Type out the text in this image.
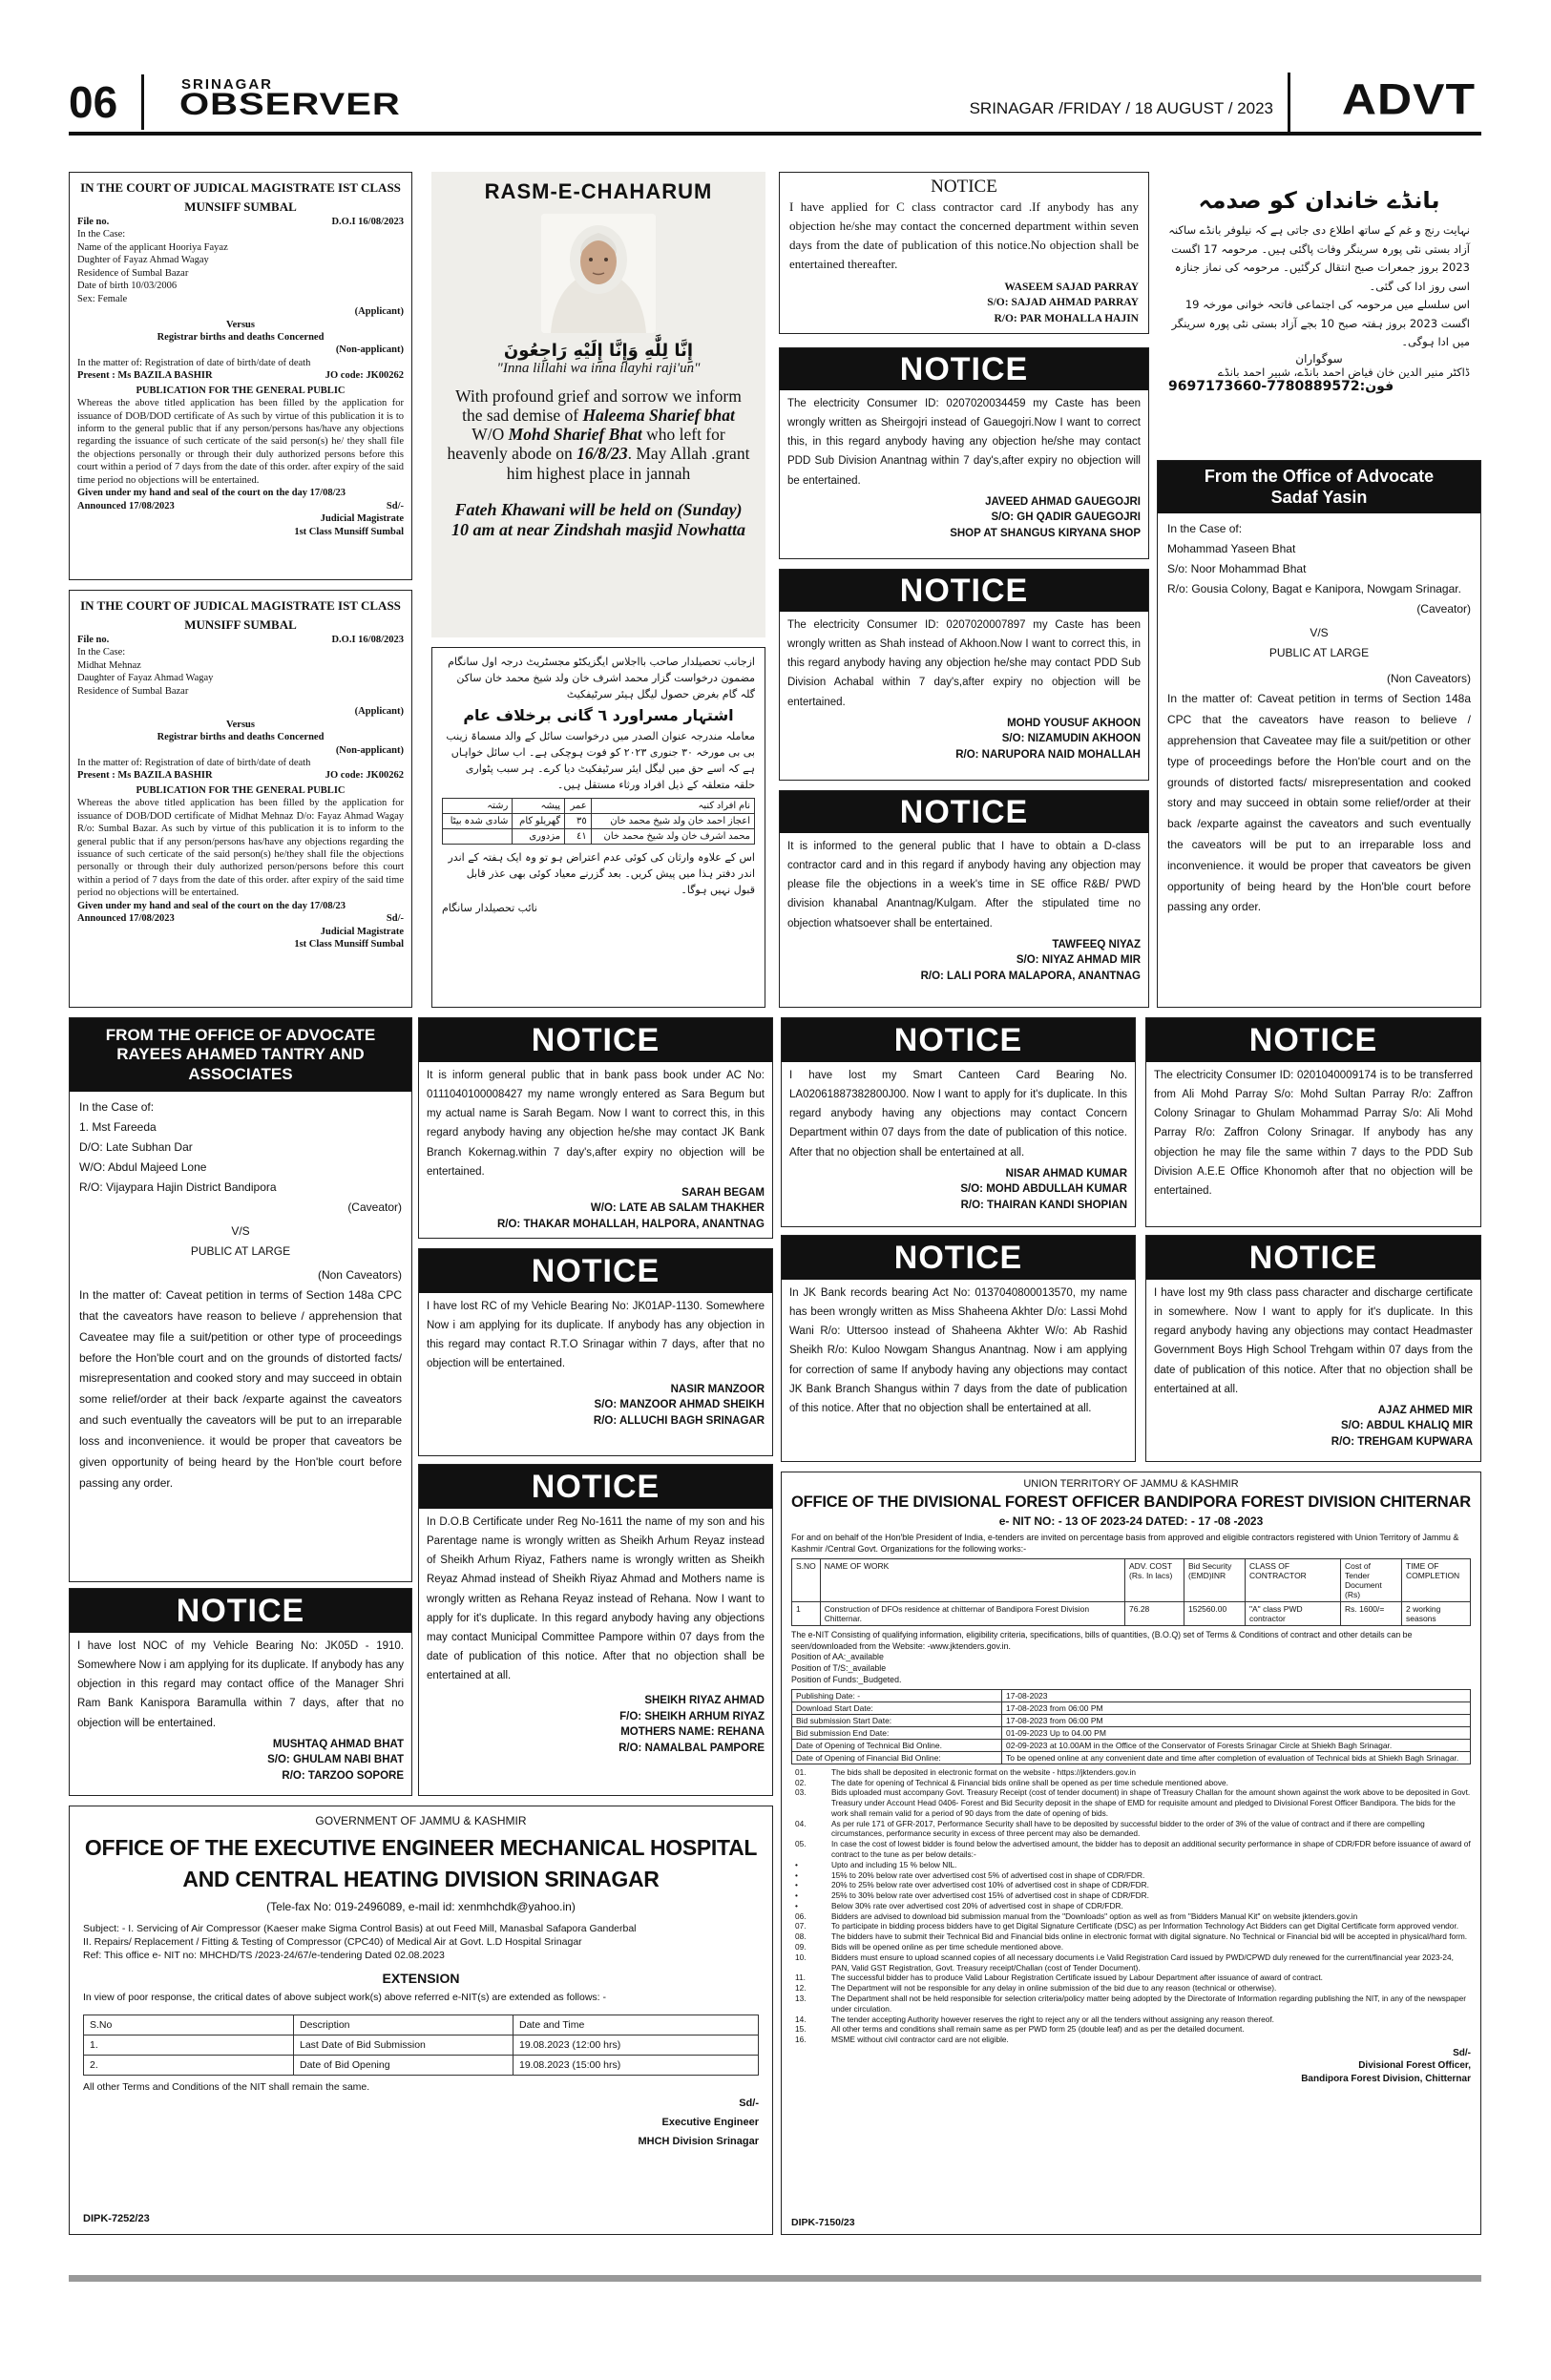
06	SRINAGAR
OBSERVER	SRINAGAR /FRIDAY / 18 AUGUST / 2023 ADVT
IN THE COURT OF JUDICAL MAGISTRATE IST CLASS MUNSIFF SUMBAL
File no.	D.O.I 16/08/2023
In the Case:
Name of the applicant Hooriya Fayaz
Dughter of Fayaz Ahmad Wagay
Residence of Sumbal Bazar
Date of birth 10/03/2006
Sex: Female
(Applicant)
Versus
Registrar births and deaths Concerned
(Non-applicant)
In the matter of: Registration of date of birth/date of death
Present : Ms BAZILA BASHIR	JO code: JK00262
PUBLICATION FOR THE GENERAL PUBLIC
Whereas the above titled application has been filled by the application for issuance of DOB/DOD certificate of As such by virtue of this publication it is to inform to the general public that if any person/persons has/have any objections regarding the issuance of such certicate of the said person(s) he/ they shall file the objections personally or through their duly authorized persons before this court within a period of 7 days from the date of this order. after expiry of the said time period no objections will be entertained.
Given under my hand and seal of the court on the day 17/08/23
Announced 17/08/2023	Sd/-
Judicial Magistrate
1st Class Munsiff Sumbal
IN THE COURT OF JUDICAL MAGISTRATE IST CLASS MUNSIFF SUMBAL
File no.	D.O.I 16/08/2023
In the Case:
Midhat Mehnaz
Daughter of Fayaz Ahmad Wagay
Residence of Sumbal Bazar
(Applicant)
Versus
Registrar births and deaths Concerned
(Non-applicant)
In the matter of: Registration of date of birth/date of death
Present : Ms BAZILA BASHIR	JO code: JK00262
PUBLICATION FOR THE GENERAL PUBLIC
Whereas the above titled application has been filled by the application for issuance of DOB/DOD certificate of Midhat Mehnaz D/o: Fayaz Ahmad Wagay R/o: Sumbal Bazar. As such by virtue of this publication it is to inform to the general public that if any person/persons has/have any objections regarding the issuance of such certicate of the said person(s) he/they shall file the objections personally or through their duly authorized person/persons before this court within a period of 7 days from the date of this order. after expiry of the said time period no objections will be entertained.
Given under my hand and seal of the court on the day 17/08/23
Announced 17/08/2023	Sd/-
Judicial Magistrate
1st Class Munsiff Sumbal
RASM-E-CHAHARUM
إِنَّا لِلَّٰهِ وَإِنَّا إِلَيْهِ رَاجِعُونَ
"Inna lillahi wa inna ilayhi raji'un"
With profound grief and sorrow we inform the sad demise of Haleema Sharief bhat W/O Mohd Sharief Bhat who left for heavenly abode on 16/8/23. May Allah .grant him highest place in jannah
Fateh Khawani will be held on (Sunday) 10 am at near Zindshah masjid Nowhatta
ازجانب تحصیلدار صاحب بااجلاس ایگزیکٹو مجسٹریٹ درجہ اول سانگام
مضمون درخواست گزار محمد اشرف خان ولد شیخ محمد خان ساکن گلہ گام بغرض حصول لیگل ہیئر سرٹیفکیٹ
اشتہار مسراورد ٦ گانی برخلاف عام
معاملہ مندرجہ عنوان الصدر میں درخواست سائل کے والد مسماۃ زینب بی بی مورخہ ٣٠ جنوری ٢٠٢٣ کو فوت ہوچکی ہے۔ اب سائل خواہاں ہے کہ اسے حق میں لیگل ایئر سرٹیفکیٹ دیا کرے۔ ہر سبب پٹواری حلقہ متعلقہ کے ذیل افراد ورثاء مستقل ہیں۔
نام افراد کنبہ	عمر	پیشہ	رشتہ
اعجاز احمد خان ولد شیخ محمد خان	٣٥	گھریلو کام	شادی شدہ بیٹا
محمد اشرف خان ولد شیخ محمد خان	٤١	مزدوری	
اس کے علاوہ وارثان کی کوئی عدم اعتراض ہو تو وہ ایک ہفتہ کے اندر اندر دفتر ہذا میں پیش کریں۔ بعد گزرنے معیاد کوئی بھی عذر قابل قبول نہیں ہوگا۔
نائب تحصیلدار سانگام
NOTICE
I have applied for C class contractor card .If anybody has any objection he/she may contact the concerned department within seven days from the date of publication of this notice.No objection shall be entertained thereafter.
WASEEM SAJAD PARRAY
S/O: SAJAD AHMAD PARRAY
R/O: PAR MOHALLA HAJIN
بانڈے خاندان کو صدمہ
نہایت رنج و غم کے ساتھ اطلاع دی جاتی ہے کہ نیلوفر بانڈے ساکنہ آزاد بستی نٹی پورہ سرینگر وفات پاگئی ہیں۔ مرحومہ 17 اگست 2023 بروز جمعرات صبح انتقال کرگئیں۔ مرحومہ کی نماز جنازہ اسی روز ادا کی گئی۔
اس سلسلے میں مرحومہ کی اجتماعی فاتحہ خوانی مورخہ 19 اگست 2023 بروز ہفتہ صبح 10 بجے آزاد بستی نٹی پورہ سرینگر میں ادا ہوگی۔
سوگواران
ڈاکٹر منیر الدین خان فیاض احمد بانڈے، شبیر احمد بانڈے
9697173660-7780889572:فون
NOTICE
The electricity Consumer ID: 0207020034459 my Caste has been wrongly written as Sheirgojri instead of Gauegojri.Now I want to correct this, in this regard anybody having any objection he/she may contact PDD Sub Division Anantnag within 7 day's,after expiry no objection will be entertained.
JAVEED AHMAD GAUEGOJRI
S/O: GH QADIR GAUEGOJRI
SHOP AT SHANGUS KIRYANA SHOP
NOTICE
The electricity Consumer ID: 0207020007897 my Caste has been wrongly written as Shah instead of Akhoon.Now I want to correct this, in this regard anybody having any objection he/she may contact PDD Sub Division Achabal within 7 day's,after expiry no objection will be entertained.
MOHD YOUSUF AKHOON
S/O: NIZAMUDIN AKHOON
R/O: NARUPORA NAID MOHALLAH
NOTICE
It is informed to the general public that I have to obtain a D-class contractor card and in this regard if anybody having any objection may please file the objections in a week's time in SE office R&B/ PWD division khanabal Anantnag/Kulgam. After the stipulated time no objection whatsoever shall be entertained.
TAWFEEQ NIYAZ
S/O: NIYAZ AHMAD MIR
R/O: LALI PORA MALAPORA, ANANTNAG
From the Office of Advocate Sadaf Yasin
In the Case of:
Mohammad Yaseen Bhat
S/o: Noor Mohammad Bhat
R/o: Gousia Colony, Bagat e Kanipora, Nowgam Srinagar.
(Caveator)
V/S
PUBLIC AT LARGE
(Non Caveators)
In the matter of: Caveat petition in terms of Section 148a CPC that the caveators have reason to believe / apprehension that Caveatee may file a suit/petition or other type of proceedings before the Hon'ble court and on the grounds of distorted facts/ misrepresentation and cooked story and may succeed in obtain some relief/order at their back /exparte against the caveators and such eventually the caveators will be put to an irreparable loss and inconvenience. it would be proper that caveators be given opportunity of being heard by the Hon'ble court before passing any order.
FROM THE OFFICE OF ADVOCATE RAYEES AHAMED TANTRY AND ASSOCIATES
In the Case of:
1. Mst Fareeda
D/O: Late Subhan Dar
W/O: Abdul Majeed Lone
R/O: Vijaypara Hajin District Bandipora
(Caveator)
V/S
PUBLIC AT LARGE
(Non Caveators)
In the matter of: Caveat petition in terms of Section 148a CPC that the caveators have reason to believe / apprehension that Caveatee may file a suit/petition or other type of proceedings before the Hon'ble court and on the grounds of distorted facts/ misrepresentation and cooked story and may succeed in obtain some relief/order at their back /exparte against the caveators and such eventually the caveators will be put to an irreparable loss and inconvenience. it would be proper that caveators be given opportunity of being heard by the Hon'ble court before passing any order.
NOTICE
I have lost NOC of my Vehicle Bearing No: JK05D - 1910. Somewhere Now i am applying for its duplicate. If anybody has any objection in this regard may contact office of the Manager Shri Ram Bank Kanispora Baramulla within 7 days, after that no objection will be entertained.
MUSHTAQ AHMAD BHAT
S/O: GHULAM NABI BHAT
R/O: TARZOO SOPORE
NOTICE
It is inform general public that in bank pass book under AC No: 0111040100008427 my name wrongly entered as Sara Begum but my actual name is Sarah Begam. Now I want to correct this, in this regard anybody having any objection he/she may contact JK Bank Branch Kokernag.within 7 day's,after expiry no objection will be entertained.
SARAH BEGAM
W/O: LATE AB SALAM THAKHER
R/O: THAKAR MOHALLAH, HALPORA, ANANTNAG
NOTICE
I have lost RC of my Vehicle Bearing No: JK01AP-1130. Somewhere Now i am applying for its duplicate. If anybody has any objection in this regard may contact R.T.O Srinagar within 7 days, after that no objection will be entertained.
NASIR MANZOOR
S/O: MANZOOR AHMAD SHEIKH
R/O: ALLUCHI BAGH SRINAGAR
NOTICE
In D.O.B Certificate under Reg No-1611 the name of my son and his Parentage name is wrongly written as Sheikh Arhum Reyaz instead of Sheikh Arhum Riyaz, Fathers name is wrongly written as Sheikh Reyaz Ahmad instead of Sheikh Riyaz Ahmad and Mothers name is wrongly written as Rehana Reyaz instead of Rehana. Now I want to apply for it's duplicate. In this regard anybody having any objections may contact Municipal Committee Pampore within 07 days from the date of publication of this notice. After that no objection shall be entertained at all.
SHEIKH RIYAZ AHMAD
F/O: SHEIKH ARHUM RIYAZ
MOTHERS NAME: REHANA
R/O: NAMALBAL PAMPORE
NOTICE
I have lost my Smart Canteen Card Bearing No. LA02061887382800J00. Now I want to apply for it's duplicate. In this regard anybody having any objections may contact Concern Department within 07 days from the date of publication of this notice. After that no objection shall be entertained at all.
NISAR AHMAD KUMAR
S/O: MOHD ABDULLAH KUMAR
R/O: THAIRAN KANDI SHOPIAN
NOTICE
In JK Bank records bearing Act No: 0137040800013570, my name has been wrongly written as Miss Shaheena Akhter D/o: Lassi Mohd Wani R/o: Uttersoo instead of Shaheena Akhter W/o: Ab Rashid Sheikh R/o: Kuloo Nowgam Shangus Anantnag. Now i am applying for correction of same If anybody having any objections may contact JK Bank Branch Shangus within 7 days from the date of publication of this notice. After that no objection shall be entertained at all.
NOTICE
The electricity Consumer ID: 0201040009174 is to be transferred from Ali Mohd Parray S/o: Mohd Sultan Parray R/o: Zaffron Colony Srinagar to Ghulam Mohammad Parray S/o: Ali Mohd Parray R/o: Zaffron Colony Srinagar. If anybody has any objection he may file the same within 7 days to the PDD Sub Division A.E.E Office Khonomoh after that no objection will be entertained.
NOTICE
I have lost my 9th class pass character and discharge certificate in somewhere. Now I want to apply for it's duplicate. In this regard anybody having any objections may contact Headmaster Government Boys High School Trehgam within 07 days from the date of publication of this notice. After that no objection shall be entertained at all.
AJAZ AHMED MIR
S/O: ABDUL KHALIQ MIR
R/O: TREHGAM KUPWARA
UNION TERRITORY OF JAMMU & KASHMIR
OFFICE OF THE DIVISIONAL FOREST OFFICER BANDIPORA FOREST DIVISION CHITERNAR
e- NIT NO: - 13 OF 2023-24 DATED: - 17 -08 -2023
For and on behalf of the Hon'ble President of India, e-tenders are invited on percentage basis from approved and eligible contractors registered with Union Territory of Jammu & Kashmir /Central Govt. Organizations for the following works:-
S.NO	NAME OF WORK	ADV. COST (Rs. In lacs)	Bid Security (EMD)INR	CLASS OF CONTRACTOR	Cost of Tender Document (Rs)	TIME OF COMPLETION
1	Construction of DFOs residence at chitternar of Bandipora Forest Division Chitternar.	76.28	152560.00	"A" class PWD contractor	Rs. 1600/=	2 working seasons
The e-NIT Consisting of qualifying information, eligibility criteria, specifications, bills of quantities, (B.O.Q) set of Terms & Conditions of contract and other details can be seen/downloaded from the Website: -www.jktenders.gov.in.
Position of AA:_available
Position of T/S:_available
Position of Funds:_Budgeted.
Publishing Date: -	17-08-2023
Download Start Date:	17-08-2023 from 06:00 PM
Bid submission Start Date:	17-08-2023 from 06:00 PM
Bid submission End Date:	01-09-2023 Up to 04.00 PM
Date of Opening of Technical Bid Online.	02-09-2023 at 10.00AM in the Office of the Conservator of Forests Srinagar Circle at Shiekh Bagh Srinagar.
Date of Opening of Financial Bid Online:	To be opened online at any convenient date and time after completion of evaluation of Technical bids at Shiekh Bagh Srinagar.
01.	The bids shall be deposited in electronic format on the website - https://jktenders.gov.in
02.	The date for opening of Technical & Financial bids online shall be opened as per time schedule mentioned above.
03.	Bids uploaded must accompany Govt. Treasury Receipt (cost of tender document) in shape of Treasury Challan for the amount shown against the work above to be deposited in Govt. Treasury under Account Head 0406- Forest and Bid Security deposit in the shape of EMD for requisite amount and pledged to Divisional Forest Officer Bandipora. The bids for the work shall remain valid for a period of 90 days from the date of opening of bids.
04.	As per rule 171 of GFR-2017, Performance Security shall have to be deposited by successful bidder to the order of 3% of the value of contract and if there are compelling circumstances, performance security in excess of three percent may also be demanded.
05.	In case the cost of lowest bidder is found below the advertised amount, the bidder has to deposit an additional security performance in shape of CDR/FDR before issuance of award of contract to the tune as per below details:-
•	Upto and including 15 % below NIL.
•	15% to 20% below rate over advertised cost 5% of advertised cost in shape of CDR/FDR.
•	20% to 25% below rate over advertised cost 10% of advertised cost in shape of CDR/FDR.
•	25% to 30% below rate over advertised cost 15% of advertised cost in shape of CDR/FDR.
•	Below 30% rate over advertised cost 20% of advertised cost in shape of CDR/FDR.
06.	Bidders are advised to download bid submission manual from the "Downloads" option as well as from "Bidders Manual Kit" on website jktenders.gov.in
07.	To participate in bidding process bidders have to get Digital Signature Certificate (DSC) as per Information Technology Act Bidders can get Digital Certificate form approved vendor.
08.	The bidders have to submit their Technical Bid and Financial bids online in electronic format with digital signature. No Technical or Financial bid will be accepted in physical/hard form.
09.	Bids will be opened online as per time schedule mentioned above.
10.	Bidders must ensure to upload scanned copies of all necessary documents i.e Valid Registration Card issued by PWD/CPWD duly renewed for the current/financial year 2023-24, PAN, Valid GST Registration, Govt. Treasury receipt/Challan (cost of Tender Document).
11.	The successful bidder has to produce Valid Labour Registration Certificate issued by Labour Department after issuance of award of contract.
12.	The Department will not be responsible for any delay in online submission of the bid due to any reason (technical or otherwise).
13.	The Department shall not be held responsible for selection criteria/policy matter being adopted by the Directorate of Information regarding publishing the NIT, in any of the newspaper under circulation.
14.	The tender accepting Authority however reserves the right to reject any or all the tenders without assigning any reason thereof.
15.	All other terms and conditions shall remain same as per PWD form 25 (double leaf) and as per the detailed document.
16.	MSME without civil contractor card are not eligible.
Sd/-
Divisional Forest Officer,
Bandipora Forest Division, Chitternar
DIPK-7150/23
GOVERNMENT OF JAMMU & KASHMIR
OFFICE OF THE EXECUTIVE ENGINEER MECHANICAL HOSPITAL
AND CENTRAL HEATING DIVISION SRINAGAR
(Tele-fax No: 019-2496089, e-mail id: xenmhchdk@yahoo.in)
Subject: - I. Servicing of Air Compressor (Kaeser make Sigma Control Basis) at out Feed Mill, Manasbal Safapora Ganderbal
II. Repairs/ Replacement / Fitting & Testing of Compressor (CPC40) of Medical Air at Govt. L.D Hospital Srinagar
Ref: This office e- NIT no: MHCHD/TS /2023-24/67/e-tendering Dated 02.08.2023
EXTENSION
In view of poor response, the critical dates of above subject work(s) above referred e-NIT(s) are extended as follows: -
S.No	Description	Date and Time
1.	Last Date of Bid Submission	19.08.2023 (12:00 hrs)
2.	Date of Bid Opening	19.08.2023 (15:00 hrs)
All other Terms and Conditions of the NIT shall remain the same.
Sd/-
Executive Engineer
MHCH Division Srinagar
DIPK-7252/23
